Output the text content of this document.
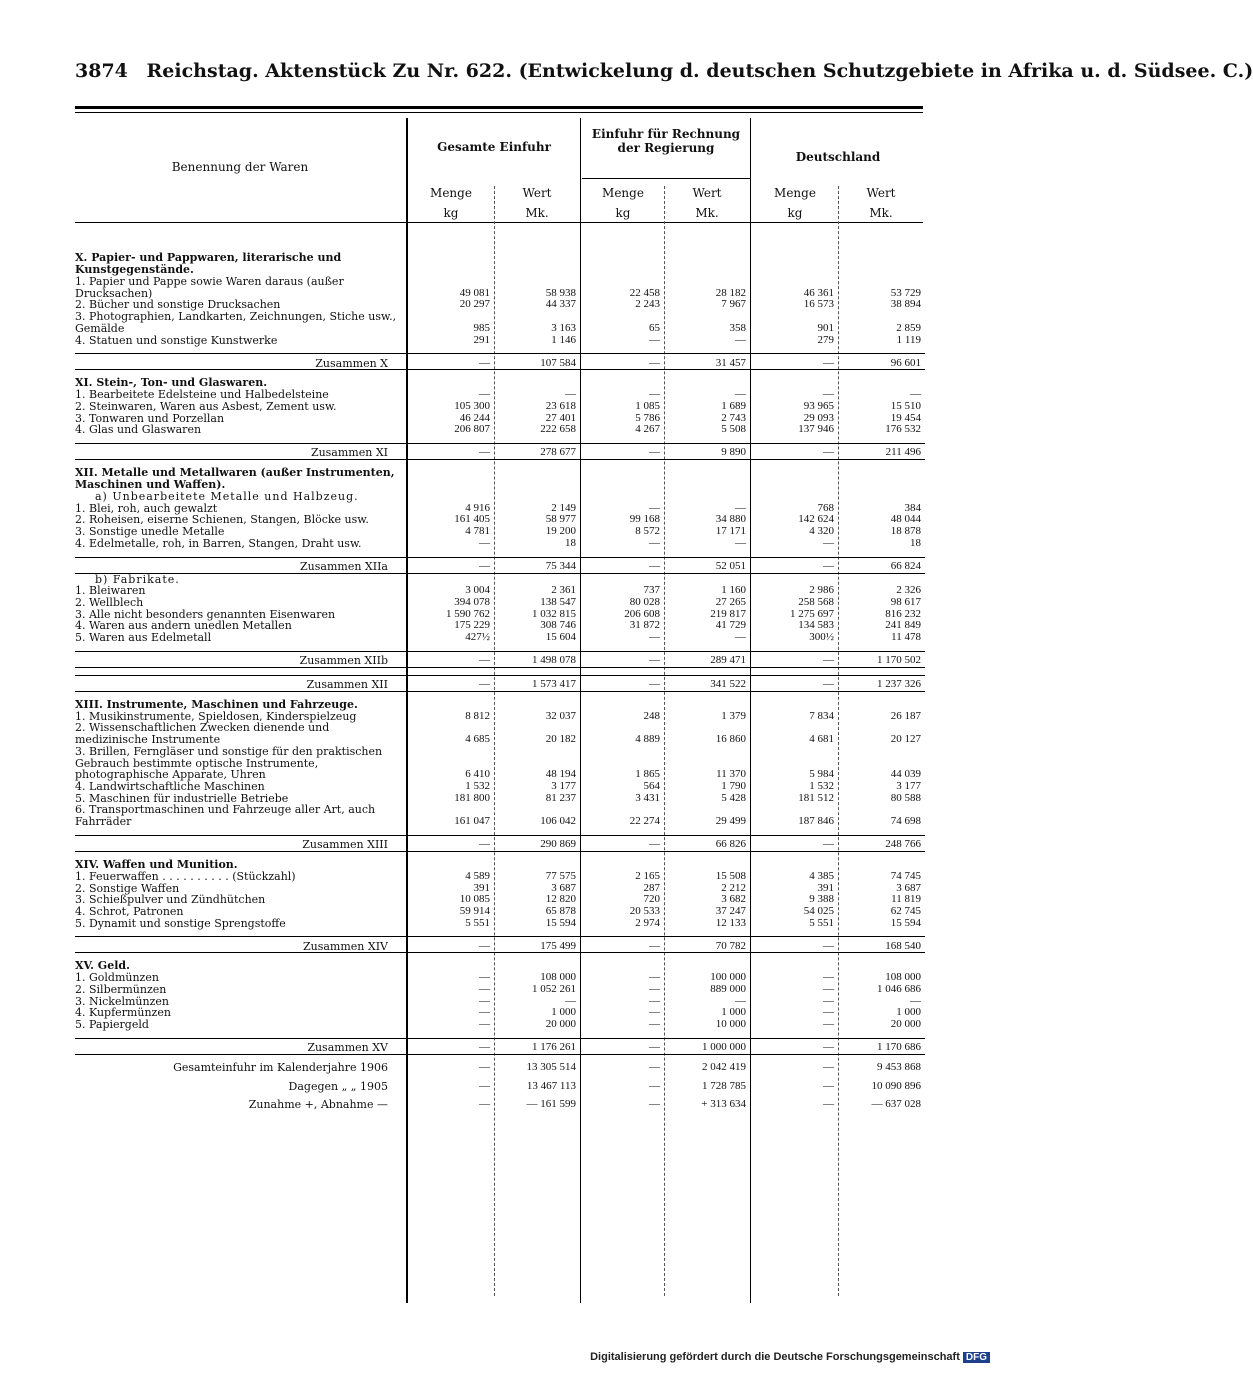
3874 Reichstag. Aktenstück Zu Nr. 622. (Entwickelung d. deutschen Schutzgebiete in Afrika u. d. Südsee. C.)
Benennung der Waren
Gesamte Einfuhr
Einfuhr für Rechnung der Regierung
Deutschland
Menge	Wert	Menge	Wert	Menge	Wert
kg	Mk.	kg	Mk.	kg	Mk.

X. Papier- und Pappwaren, literarische und Kunstgegenstände.						
1. Papier und Pappe sowie Waren daraus (außer Drucksachen)	49 081	58 938	22 458	28 182	46 361	53 729
2. Bücher und sonstige Drucksachen	20 297	44 337	2 243	7 967	16 573	38 894
3. Photographien, Landkarten, Zeichnungen, Stiche usw., Gemälde	985	3 163	65	358	901	2 859
4. Statuen und sonstige Kunstwerke	291	1 146	—	—	279	1 119

Zusammen X	—	107 584	—	31 457	—	96 601

XI. Stein-, Ton- und Glaswaren.						
1. Bearbeitete Edelsteine und Halbedelsteine	—	—	—	—	—	—
2. Steinwaren, Waren aus Asbest, Zement usw.	105 300	23 618	1 085	1 689	93 965	15 510
3. Tonwaren und Porzellan	46 244	27 401	5 786	2 743	29 093	19 454
4. Glas und Glaswaren	206 807	222 658	4 267	5 508	137 946	176 532

Zusammen XI	—	278 677	—	9 890	—	211 496

XII. Metalle und Metallwaren (außer Instrumenten, Maschinen und Waffen).						
a) Unbearbeitete Metalle und Halbzeug.						
1. Blei, roh, auch gewalzt	4 916	2 149	—	—	768	384
2. Roheisen, eiserne Schienen, Stangen, Blöcke usw.	161 405	58 977	99 168	34 880	142 624	48 044
3. Sonstige unedle Metalle	4 781	19 200	8 572	17 171	4 320	18 878
4. Edelmetalle, roh, in Barren, Stangen, Draht usw.	—	18	—	—	—	18

Zusammen XIIa	—	75 344	—	52 051	—	66 824
b) Fabrikate.						
1. Bleiwaren	3 004	2 361	737	1 160	2 986	2 326
2. Wellblech	394 078	138 547	80 028	27 265	258 568	98 617
3. Alle nicht besonders genannten Eisenwaren	1 590 762	1 032 815	206 608	219 817	1 275 697	816 232
4. Waren aus andern unedlen Metallen	175 229	308 746	31 872	41 729	134 583	241 849
5. Waren aus Edelmetall	427½	15 604	—	—	300½	11 478

Zusammen XIIb	—	1 498 078	—	289 471	—	1 170 502

Zusammen XII	—	1 573 417	—	341 522	—	1 237 326

XIII. Instrumente, Maschinen und Fahrzeuge.						
1. Musikinstrumente, Spieldosen, Kinderspielzeug	8 812	32 037	248	1 379	7 834	26 187
2. Wissenschaftlichen Zwecken dienende und medizinische Instrumente	4 685	20 182	4 889	16 860	4 681	20 127
3. Brillen, Ferngläser und sonstige für den praktischen Gebrauch bestimmte optische Instrumente, photographische Apparate, Uhren	6 410	48 194	1 865	11 370	5 984	44 039
4. Landwirtschaftliche Maschinen	1 532	3 177	564	1 790	1 532	3 177
5. Maschinen für industrielle Betriebe	181 800	81 237	3 431	5 428	181 512	80 588
6. Transportmaschinen und Fahrzeuge aller Art, auch Fahrräder	161 047	106 042	22 274	29 499	187 846	74 698

Zusammen XIII	—	290 869	—	66 826	—	248 766

XIV. Waffen und Munition.						
1. Feuerwaffen . . . . . . . . . . (Stückzahl)	4 589	77 575	2 165	15 508	4 385	74 745
2. Sonstige Waffen	391	3 687	287	2 212	391	3 687
3. Schießpulver und Zündhütchen	10 085	12 820	720	3 682	9 388	11 819
4. Schrot, Patronen	59 914	65 878	20 533	37 247	54 025	62 745
5. Dynamit und sonstige Sprengstoffe	5 551	15 594	2 974	12 133	5 551	15 594

Zusammen XIV	—	175 499	—	70 782	—	168 540

XV. Geld.						
1. Goldmünzen	—	108 000	—	100 000	—	108 000
2. Silbermünzen	—	1 052 261	—	889 000	—	1 046 686
3. Nickelmünzen	—	—	—	—	—	—
4. Kupfermünzen	—	1 000	—	1 000	—	1 000
5. Papiergeld	—	20 000	—	10 000	—	20 000

Zusammen XV	—	1 176 261	—	1 000 000	—	1 170 686

Gesamteinfuhr im Kalenderjahre 1906	—	13 305 514	—	2 042 419	—	9 453 868

Dagegen „ „ 1905	—	13 467 113	—	1 728 785	—	10 090 896

Zunahme +, Abnahme —	—	— 161 599	—	+ 313 634	—	— 637 028
Digitalisierung gefördert durch die Deutsche Forschungsgemeinschaft DFG
